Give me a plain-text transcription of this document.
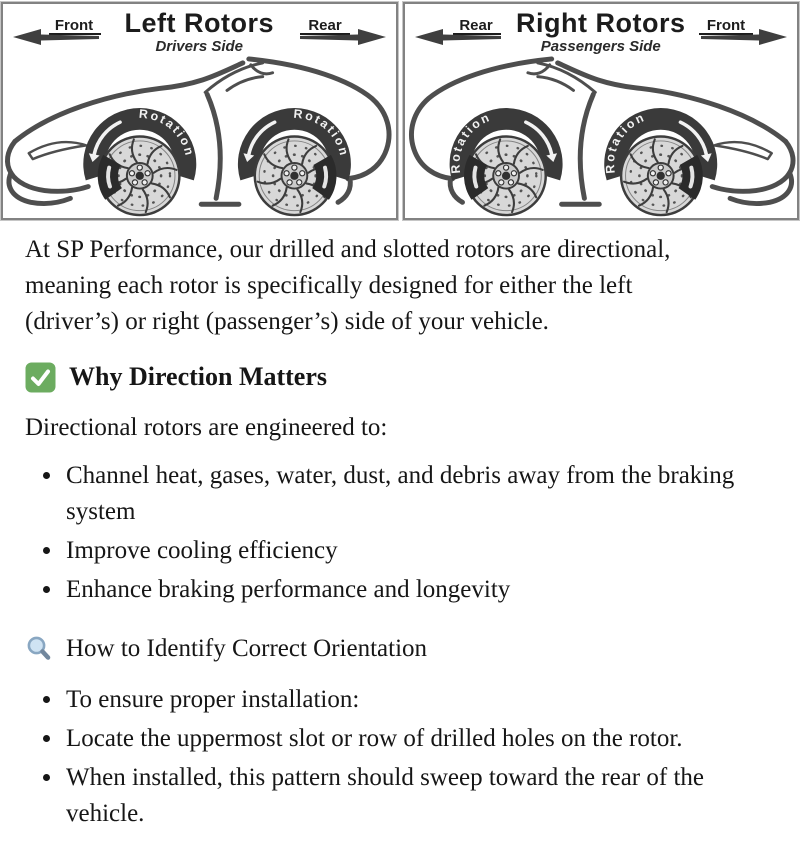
Front	Left Rotors
Drivers Side
Rear	Rear Right Rotors
Passengers Side
Front

At SP Performance, our drilled and slotted rotors are directional,
meaning each rotor is specifically designed for either the left
(driver’s) or right (passenger’s) side of your vehicle.

Why Direction Matters

Directional rotors are engineered to:

• Channel heat, gases, water, dust, and debris away from the braking system
• Improve cooling efficiency
• Enhance braking performance and longevity
How to Identify Correct Orientation
• To ensure proper installation:
• Locate the uppermost slot or row of drilled holes on the rotor.
• When installed, this pattern should sweep toward the rear of the vehicle.
